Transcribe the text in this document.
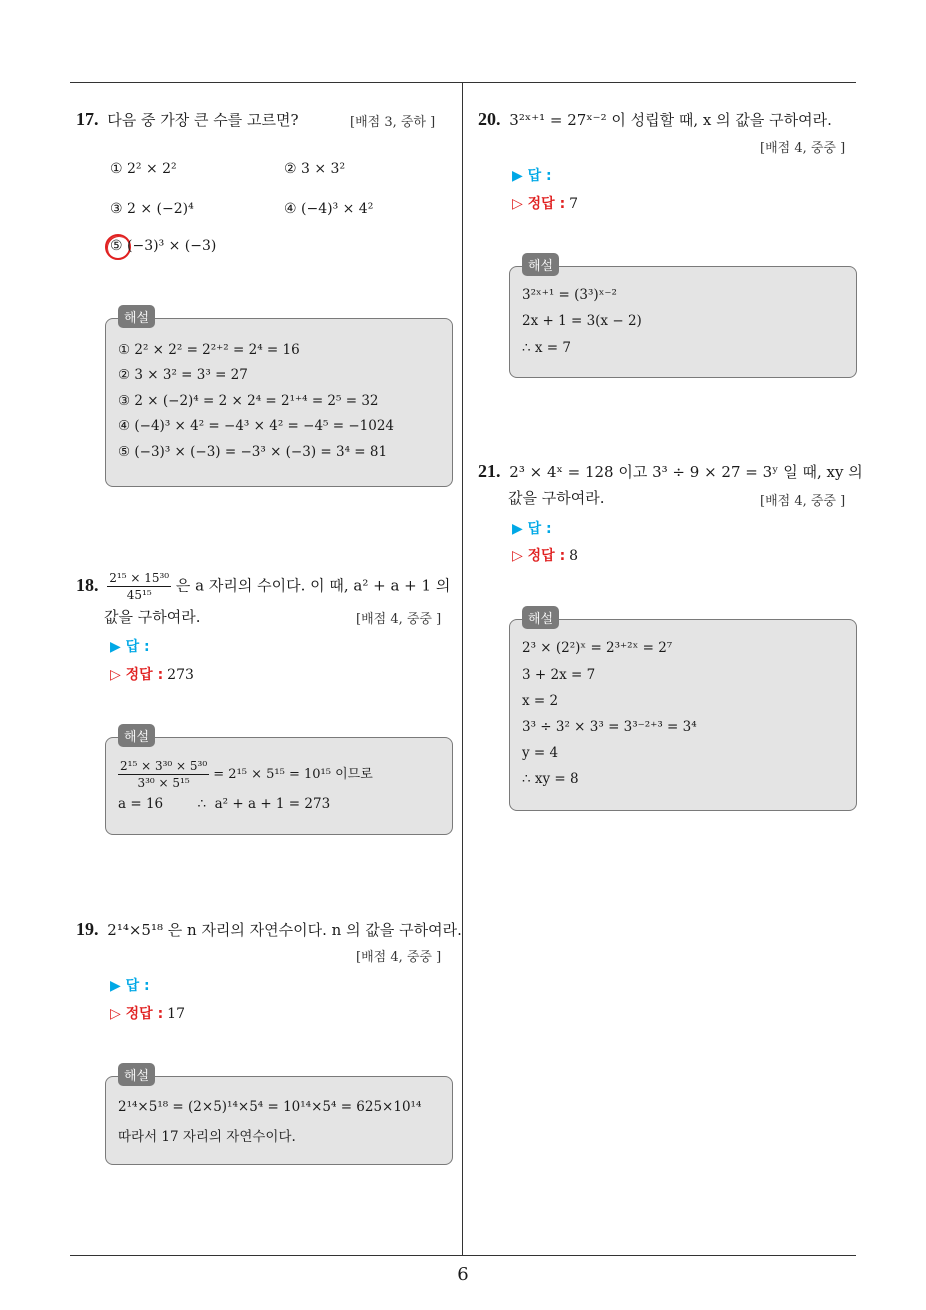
17. 다음 중 가장 큰 수를 고르면?	[배점 3, 중하 ]
① 2² × 2²	② 3 × 3²
③ 2 × (−2)⁴	④ (−4)³ × 4²
⑤ (−3)³ × (−3)
해설
① 2² × 2² = 2²⁺² = 2⁴ = 16
② 3 × 3² = 3³ = 27
③ 2 × (−2)⁴ = 2 × 2⁴ = 2¹⁺⁴ = 2⁵ = 32
④ (−4)³ × 4² = −4³ × 4² = −4⁵ = −1024
⑤ (−3)³ × (−3) = −3³ × (−3) = 3⁴ = 81
18. $\frac{\text{2¹⁵ × 15³⁰}}{\text{45¹⁵}}$ 은 a 자리의 수이다. 이 때, a² + a + 1 의
값을 구하여라.	[배점 4, 중중 ]
▶ 답 :
▷ 정답 : 273
해설
$\frac{\text{2¹⁵ × 3³⁰ × 5³⁰}}{\text{3³⁰ × 5¹⁵}} = 2^{15} \times 5^{15} = 10^{15}$ 이므로
a = 16        ∴  a² + a + 1 = 273
19. 2¹⁴×5¹⁸ 은 n 자리의 자연수이다. n 의 값을 구하여라.
[배점 4, 중중 ]
▶ 답 :
▷ 정답 : 17
해설
2¹⁴×5¹⁸ = (2×5)¹⁴×5⁴ = 10¹⁴×5⁴ = 625×10¹⁴
따라서 17 자리의 자연수이다.
20. 3²ˣ⁺¹ = 27ˣ⁻² 이 성립할 때, x 의 값을 구하여라.
[배점 4, 중중 ]
▶ 답 :
▷ 정답 : 7
해설
3²ˣ⁺¹ = (3³)ˣ⁻²
2x + 1 = 3(x − 2)
∴ x = 7
21. 2³ × 4ˣ = 128 이고 3³ ÷ 9 × 27 = 3ʸ 일 때, xy 의
값을 구하여라.	[배점 4, 중중 ]
▶ 답 :
▷ 정답 : 8
해설
2³ × (2²)ˣ = 2³⁺²ˣ = 2⁷
3 + 2x = 7
x = 2
3³ ÷ 3² × 3³ = 3³⁻²⁺³ = 3⁴
y = 4
∴ xy = 8
6
